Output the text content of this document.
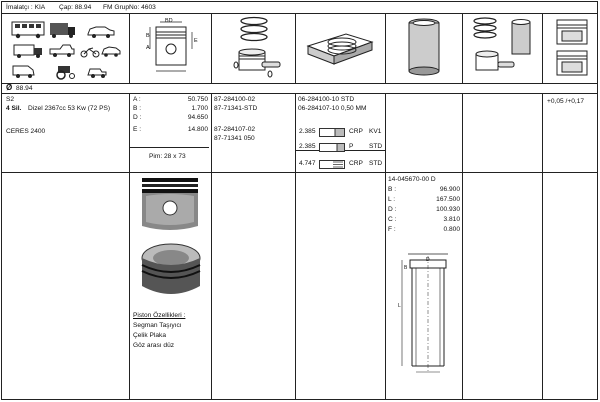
İmalatçı : KIA Çap: 88.94 FM GrupNo: 4603
B
A
BD
E
Ø 88.94
S2
4 Sil. Dizel 2367cc 53 Kw (72 PS)
CERES 2400
A :	50.750
B :	1.700
D :	94.650
E :	14.800
Pim: 28 x 73
Piston Özellikleri :
Segman Taşıyıcı
Çelik Plaka
Göz arası düz
87-284100-02
87-71341-STD
87-284107-02
87-71341 050
06-284100-10 STD
06-284107-10 0,50 MM
2.385	CRP KV1
2.385	P STD
4.747	CRP STD
14-045670-00 D
B :	96.900
L :	167.500
D :	100.930
C :	3.810
F :	0.800
B
L
D
+0,05 /+0,17
